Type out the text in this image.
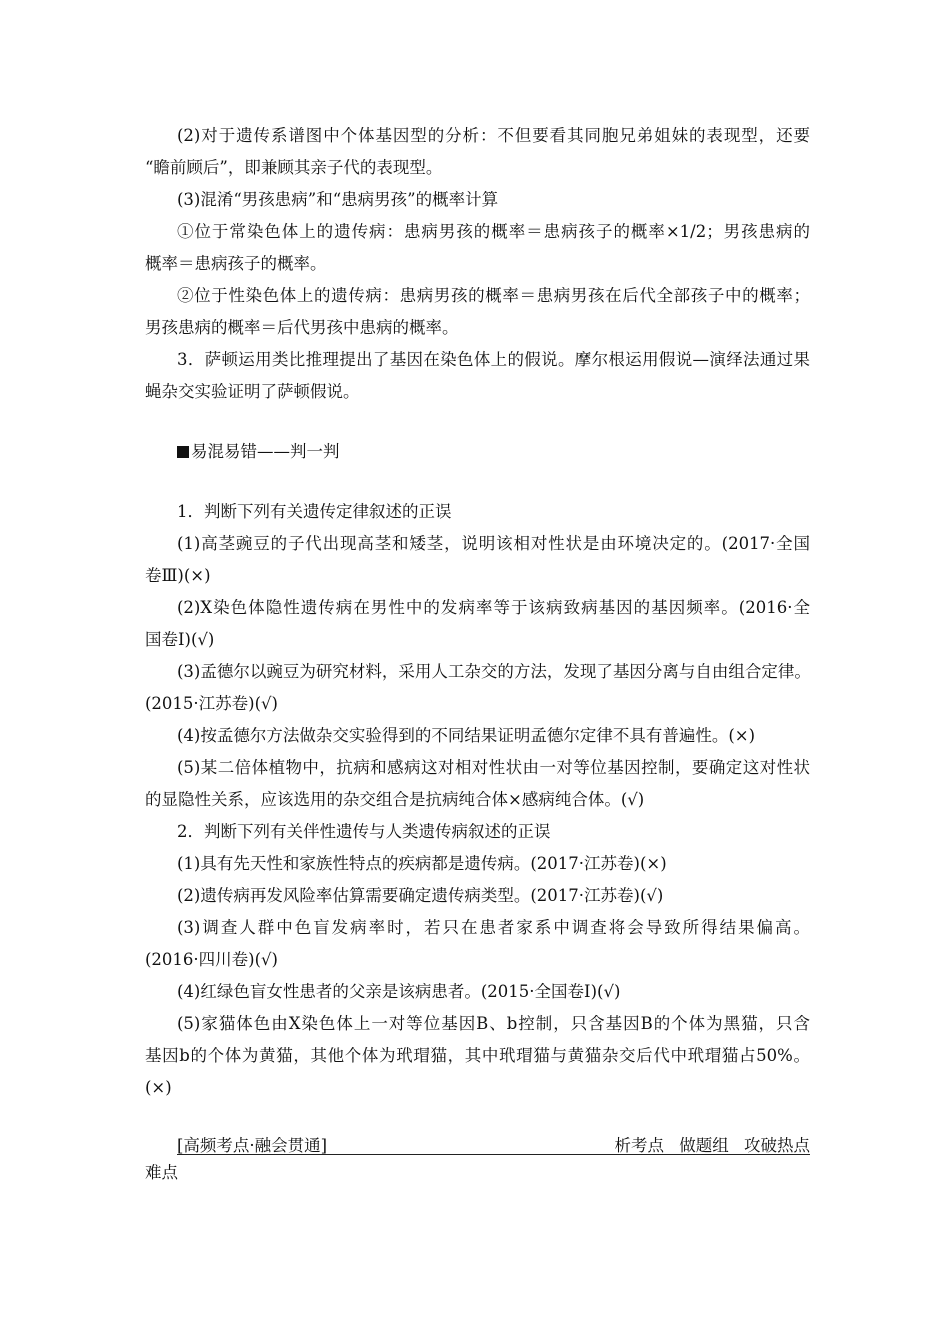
(2)对于遗传系谱图中个体基因型的分析：不但要看其同胞兄弟姐妹的表现型，还要
“瞻前顾后”，即兼顾其亲子代的表现型。
(3)混淆“男孩患病”和“患病男孩”的概率计算
①位于常染色体上的遗传病：患病男孩的概率＝患病孩子的概率×1/2；男孩患病的
概率＝患病孩子的概率。
②位于性染色体上的遗传病：患病男孩的概率＝患病男孩在后代全部孩子中的概率；
男孩患病的概率＝后代男孩中患病的概率。
3．萨顿运用类比推理提出了基因在染色体上的假说。摩尔根运用假说—演绎法通过果
蝇杂交实验证明了萨顿假说。
易混易错——判一判
1．判断下列有关遗传定律叙述的正误
(1)高茎豌豆的子代出现高茎和矮茎，说明该相对性状是由环境决定的。(2017·全国
卷Ⅲ)(×)
(2)X染色体隐性遗传病在男性中的发病率等于该病致病基因的基因频率。(2016·全
国卷Ⅰ)(√)
(3)孟德尔以豌豆为研究材料，采用人工杂交的方法，发现了基因分离与自由组合定律。
(2015·江苏卷)(√)
(4)按孟德尔方法做杂交实验得到的不同结果证明孟德尔定律不具有普遍性。(×)
(5)某二倍体植物中，抗病和感病这对相对性状由一对等位基因控制，要确定这对性状
的显隐性关系，应该选用的杂交组合是抗病纯合体×感病纯合体。(√)
2．判断下列有关伴性遗传与人类遗传病叙述的正误
(1)具有先天性和家族性特点的疾病都是遗传病。(2017·江苏卷)(×)
(2)遗传病再发风险率估算需要确定遗传病类型。(2017·江苏卷)(√)
(3)调查人群中色盲发病率时，若只在患者家系中调查将会导致所得结果偏高。
(2016·四川卷)(√)
(4)红绿色盲女性患者的父亲是该病患者。(2015·全国卷Ⅰ)(√)
(5)家猫体色由X染色体上一对等位基因B、b控制，只含基因B的个体为黑猫，只含
基因b的个体为黄猫，其他个体为玳瑁猫，其中玳瑁猫与黄猫杂交后代中玳瑁猫占50%。
(×)
[高频考点·融会贯通]	析考点 做题组 攻破热点
难点
